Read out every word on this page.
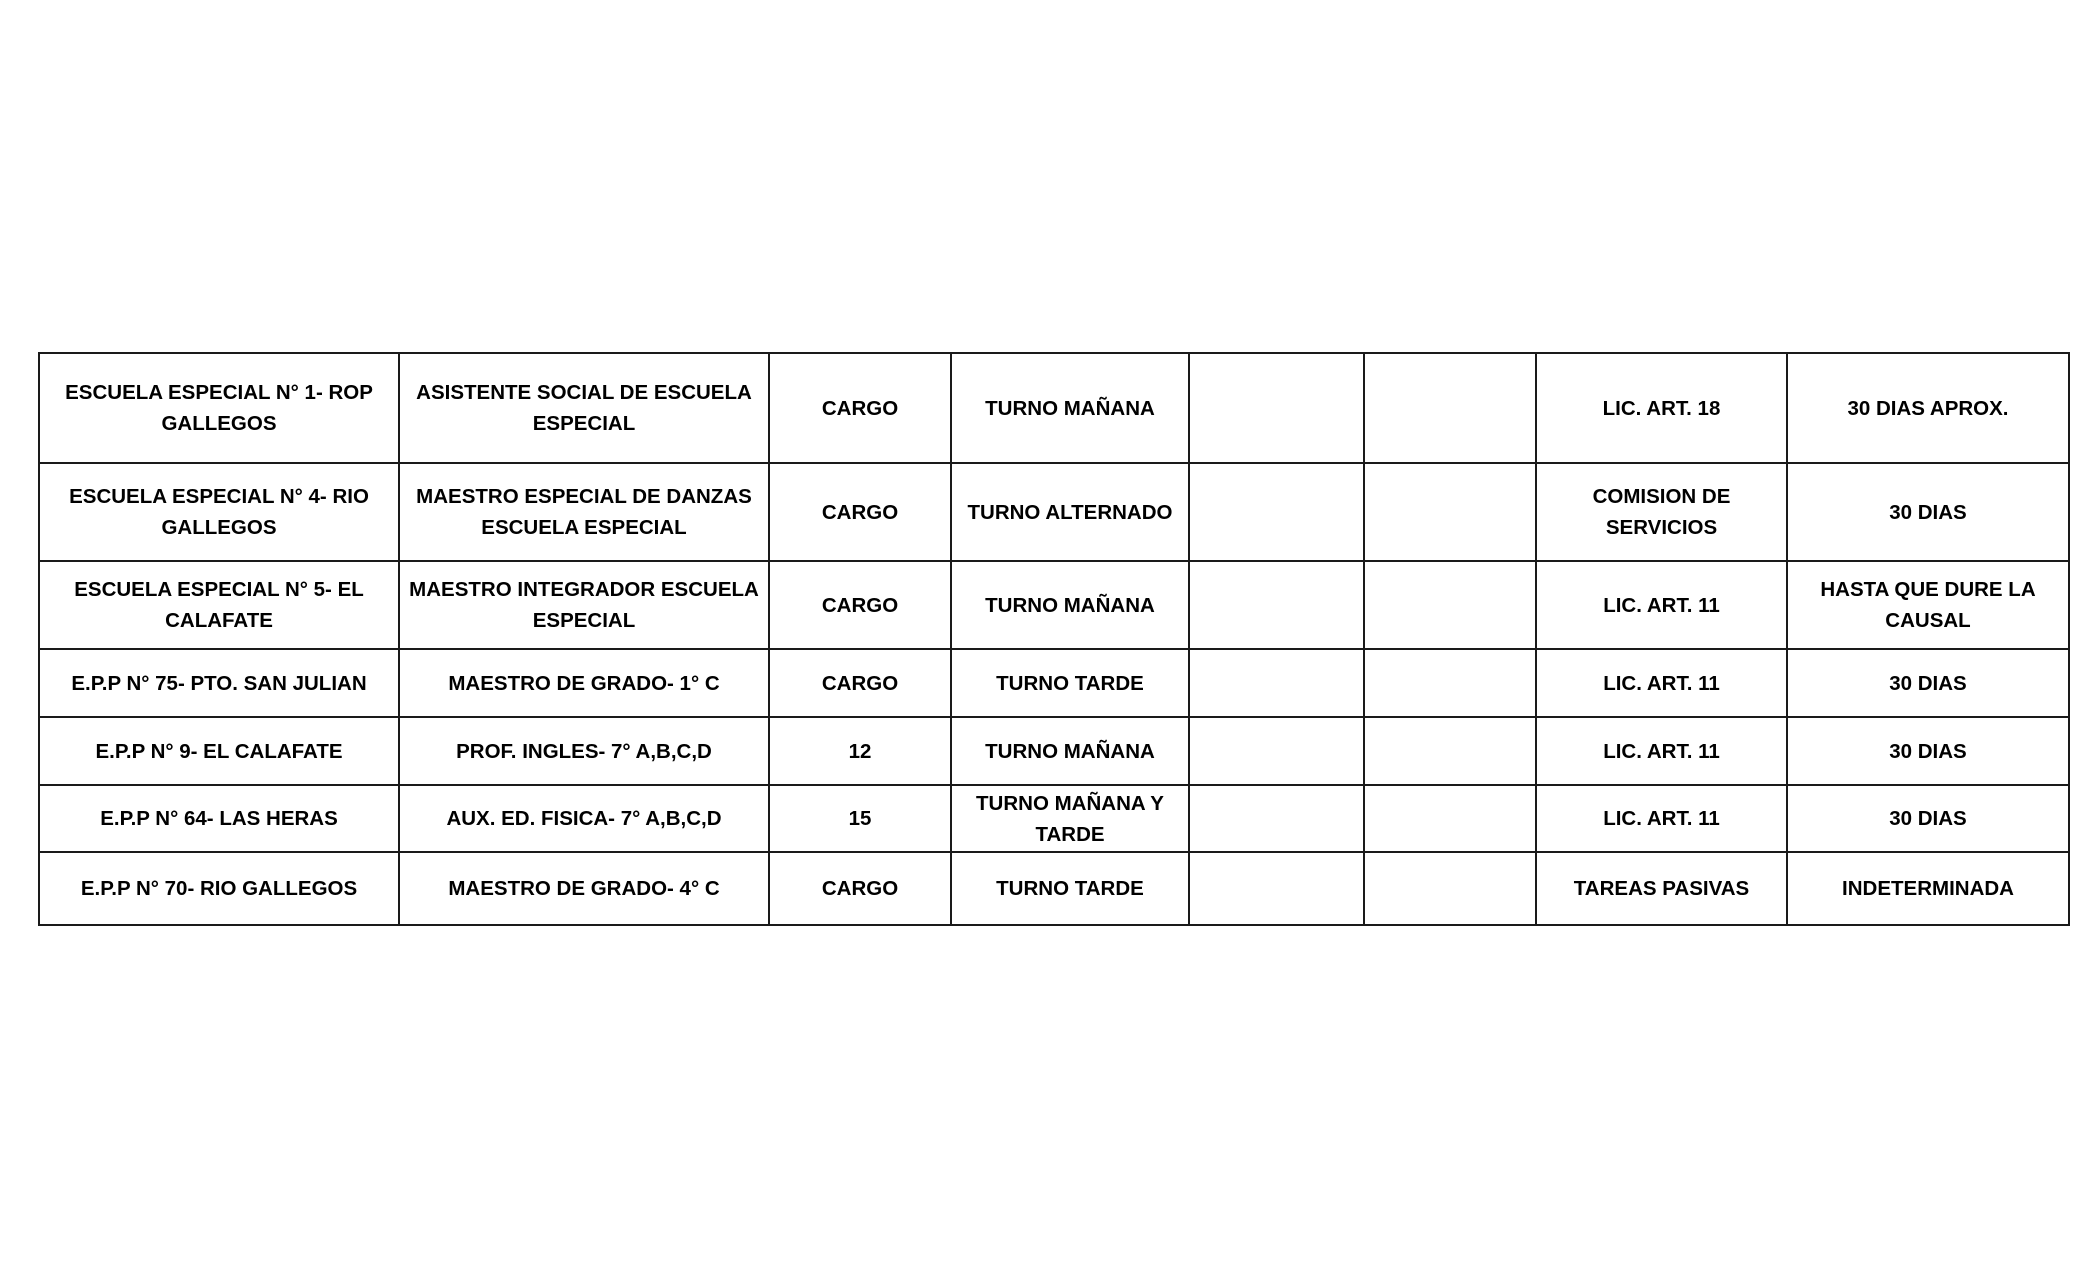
ESCUELA ESPECIAL N° 1- ROP GALLEGOS	ASISTENTE SOCIAL DE ESCUELA ESPECIAL	CARGO	TURNO MAÑANA			LIC. ART. 18	30 DIAS APROX.
ESCUELA ESPECIAL N° 4- RIO GALLEGOS	MAESTRO ESPECIAL DE DANZAS ESCUELA ESPECIAL	CARGO	TURNO ALTERNADO			COMISION DE SERVICIOS	30 DIAS
ESCUELA ESPECIAL N° 5- EL CALAFATE	MAESTRO INTEGRADOR ESCUELA ESPECIAL	CARGO	TURNO MAÑANA			LIC. ART. 11	HASTA QUE DURE LA CAUSAL
E.P.P N° 75- PTO. SAN JULIAN	MAESTRO DE GRADO- 1° C	CARGO	TURNO TARDE			LIC. ART. 11	30 DIAS
E.P.P N° 9- EL CALAFATE	PROF. INGLES- 7° A,B,C,D	12	TURNO MAÑANA			LIC. ART. 11	30 DIAS
E.P.P N° 64- LAS HERAS	AUX. ED. FISICA- 7° A,B,C,D	15	TURNO MAÑANA Y TARDE			LIC. ART. 11	30 DIAS
E.P.P N° 70- RIO GALLEGOS	MAESTRO DE GRADO- 4° C	CARGO	TURNO TARDE			TAREAS PASIVAS	INDETERMINADA
